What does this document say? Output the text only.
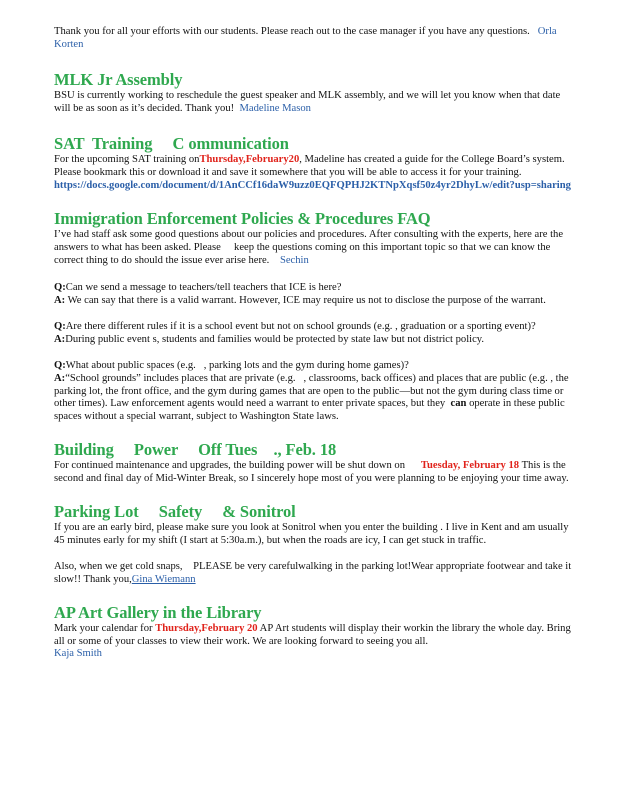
Thank you for all your efforts with our students. Please reach out to the case manager if you have any questions. Orla Korten

MLK Jr Assembly

BSU is currently working to reschedule the guest speaker and MLK assembly, and we will let you know when that date will be as soon as it’s decided. Thank you! Madeline Mason

SAT  Training     C ommunication

For the upcoming SAT training onThursday,February20, Madeline has created a guide for the College Board’s system. Please bookmark this or download it and save it somewhere that you will be able to access it for your training.

https://docs.google.com/document/d/1AnCCf16daW9uzz0EQFQPHJ2KTNpXqsf50z4yr2DhyLw/edit?usp=sharing

Immigration Enforcement Policies & Procedures FAQ

I’ve had staff ask some good questions about our policies and procedures. After consulting with the experts, here are the answers to what has been asked. Please     keep the questions coming on this important topic so that we can know the correct thing to do should the issue ever arise here. Sechin

Q:Can we send a message to teachers/tell teachers that ICE is here?

A: We can say that there is a valid warrant. However, ICE may require us not to disclose the purpose of the warrant.

Q:Are there different rules if it is a school event but not on school grounds (e.g. , graduation or a sporting event)?

A:During public event s, students and families would be protected by state law but not district policy.

Q:What about public spaces (e.g.   , parking lots and the gym during home games)?

A:“School grounds” includes places that are private (e.g.   , classrooms, back offices) and places that are public (e.g. , the parking lot, the front office, and the gym during games that are open to the public—but not the gym during class time or other times). Law enforcement agents would need a warrant to enter private spaces, but they  can operate in these public spaces without a special warrant, subject to Washington State laws.

Building     Power     Off Tues    ., Feb. 18

For continued maintenance and upgrades, the building power will be shut down on      Tuesday, February 18 This is the second and final day of Mid-Winter Break, so I sincerely hope most of you were planning to be enjoying your time away.

Parking Lot     Safety     & Sonitrol

If you are an early bird, please make sure you look at Sonitrol when you enter the building . I live in Kent and am usually 45 minutes early for my shift (I start at 5:30a.m.), but when the roads are icy, I can get stuck in traffic.

Also, when we get cold snaps,    PLEASE be very carefulwalking in the parking lot!Wear appropriate footwear and take it slow!! Thank you,Gina Wiemann

AP Art Gallery in the Library

Mark your calendar for Thursday,February 20 AP Art students will display their workin the library the whole day. Bring all or some of your classes to view their work. We are looking forward to seeing you all.

Kaja Smith
